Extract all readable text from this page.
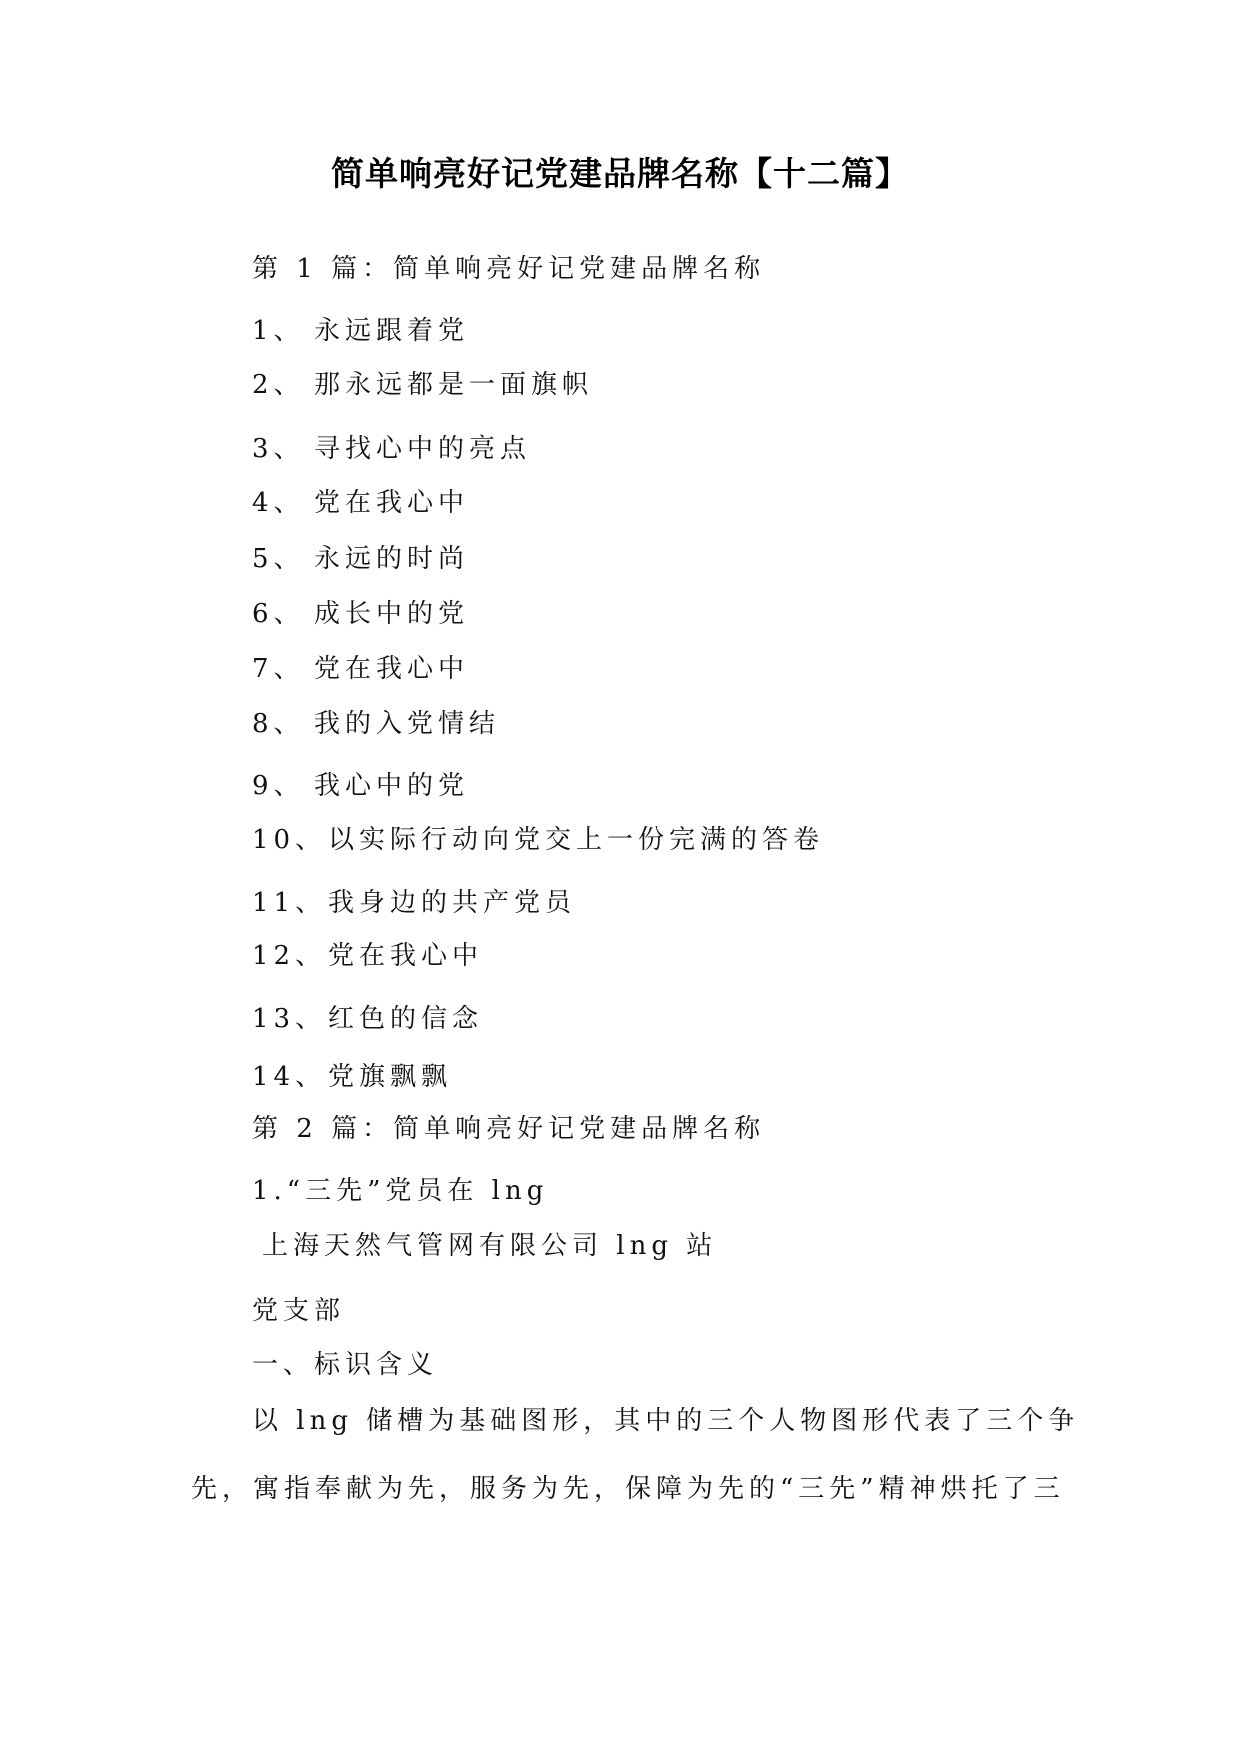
简单响亮好记党建品牌名称【十二篇】
第 1 篇：简单响亮好记党建品牌名称
1、 永远跟着党
2、 那永远都是一面旗帜
3、 寻找心中的亮点
4、 党在我心中
5、 永远的时尚
6、 成长中的党
7、 党在我心中
8、 我的入党情结
9、 我心中的党
10、以实际行动向党交上一份完满的答卷
11、我身边的共产党员
12、党在我心中
13、红色的信念
14、党旗飘飘
第 2 篇：简单响亮好记党建品牌名称
1.“三先”党员在 lng
上海天然气管网有限公司 lng 站
党支部
一、标识含义
以 lng 储槽为基础图形，其中的三个人物图形代表了三个争
先，寓指奉献为先，服务为先，保障为先的“三先”精神烘托了三
